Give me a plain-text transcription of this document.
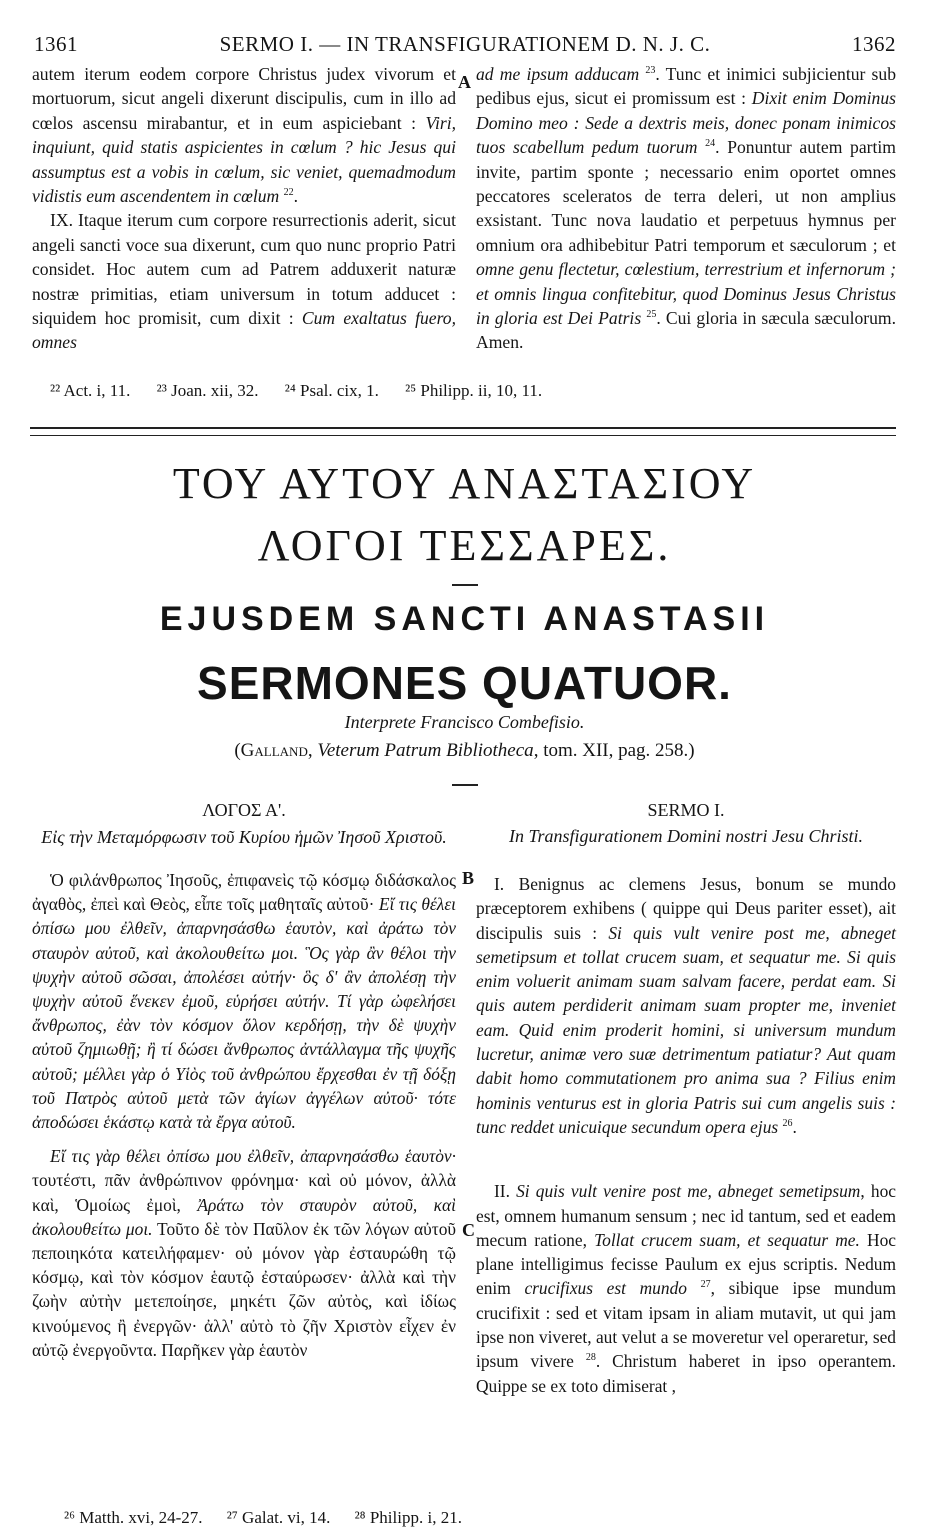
1361	SERMO I. — IN TRANSFIGURATIONEM D. N. J. C.	1362

autem iterum eodem corpore Christus judex vivorum et mortuorum, sicut angeli dixerunt discipulis, cum in illo ad cœlos ascensu mirabantur, et in eum aspiciebant : Viri, inquiunt, quid statis aspicientes in cœlum ? hic Jesus qui assumptus est a vobis in cœlum, sic veniet, quemadmodum vidistis eum ascendentem in cœlum $^{22}$.

IX. Itaque iterum cum corpore resurrectionis aderit, sicut angeli sancti voce sua dixerunt, cum quo nunc proprio Patri considet. Hoc autem cum ad Patrem adduxerit naturæ nostræ primitias, etiam universum in totum adducet : siquidem hoc promisit, cum dixit : Cum exaltatus fuero, omnes

A ad me ipsum adducam $^{23}$. Tunc et inimici subjicientur sub pedibus ejus, sicut ei promissum est : Dixit enim Dominus Domino meo : Sede a dextris meis, donec ponam inimicos tuos scabellum pedum tuorum $^{24}$. Ponuntur autem partim invite, partim sponte ; necessario enim oportet omnes peccatores sceleratos de terra deleri, ut non amplius exsistant. Tunc nova laudatio et perpetuus hymnus per omnium ora adhibebitur Patri temporum et sæculorum ; et omne genu flectetur, cœlestium, terrestrium et infernorum ; et omnis lingua confitebitur, quod Dominus Jesus Christus in gloria est Dei Patris $^{25}$. Cui gloria in sæcula sæculorum. Amen.

²² Act. i, 11. ²³ Joan. xii, 32. ²⁴ Psal. cix, 1. ²⁵ Philipp. ii, 10, 11.
ΤΟΥ ΑΥΤΟΥ ΑΝΑΣΤΑΣΙΟΥ
ΛΟΓΟΙ ΤΕΣΣΑΡΕΣ.
EJUSDEM SANCTI ANASTASII
SERMONES QUATUOR.
Interprete Francisco Combefisio.
(Galland, Veterum Patrum Bibliotheca, tom. XII, pag. 258.)
ΛΟΓΟΣ Α'.	SERMO I.
Εἰς τὴν Μεταμόρφωσιν τοῦ Κυρίου ἡμῶν Ἰησοῦ Χριστοῦ.	In Transfigurationem Domini nostri Jesu Christi.

Ὁ φιλάνθρωπος Ἰησοῦς, ἐπιφανεὶς τῷ κόσμῳ διδάσκαλος ἀγαθὸς, ἐπεὶ καὶ Θεὸς, εἶπε τοῖς μαθηταῖς αὐτοῦ· Εἴ τις θέλει ὀπίσω μου ἐλθεῖν, ἀπαρνησάσθω ἑαυτὸν, καὶ ἀράτω τὸν σταυρὸν αὐτοῦ, καὶ ἀκολουθείτω μοι. Ὃς γὰρ ἂν θέλοι τὴν ψυχὴν αὐτοῦ σῶσαι, ἀπολέσει αὐτήν· ὃς δ' ἂν ἀπολέσῃ τὴν ψυχὴν αὐτοῦ ἕνεκεν ἐμοῦ, εὑρήσει αὐτήν. Τί γὰρ ὠφελήσει ἄνθρωπος, ἐὰν τὸν κόσμον ὅλον κερδήσῃ, τὴν δὲ ψυχὴν αὐτοῦ ζημιωθῇ; ἢ τί δώσει ἄνθρωπος ἀντάλλαγμα τῆς ψυχῆς αὐτοῦ; μέλλει γὰρ ὁ Υἱὸς τοῦ ἀνθρώπου ἔρχεσθαι ἐν τῇ δόξῃ τοῦ Πατρὸς αὐτοῦ μετὰ τῶν ἁγίων ἀγγέλων αὐτοῦ· τότε ἀποδώσει ἑκάστῳ κατὰ τὰ ἔργα αὐτοῦ.

Εἴ τις γὰρ θέλει ὀπίσω μου ἐλθεῖν, ἀπαρνησάσθω ἑαυτὸν· τουτέστι, πᾶν ἀνθρώπινον φρόνημα· καὶ οὐ μόνον, ἀλλὰ καὶ, Ὁμοίως ἐμοὶ, Ἀράτω τὸν σταυρὸν αὐτοῦ, καὶ ἀκολουθείτω μοι. Τοῦτο δὲ τὸν Παῦλον ἐκ τῶν λόγων αὐτοῦ πεποιηκότα κατειλήφαμεν· οὐ μόνον γὰρ ἐσταυρώθη τῷ κόσμῳ, καὶ τὸν κόσμον ἑαυτῷ ἐσταύρωσεν· ἀλλὰ καὶ τὴν ζωὴν αὐτὴν μετεποίησε, μηκέτι ζῶν αὐτὸς, καὶ ἰδίως κινούμενος ἢ ἐνεργῶν· ἀλλ' αὐτὸ τὸ ζῆν Χριστὸν εἶχεν ἐν αὐτῷ ἐνεργοῦντα. Παρῆκεν γὰρ ἑαυτὸν

B
C

I. Benignus ac clemens Jesus, bonum se mundo præceptorem exhibens ( quippe qui Deus pariter esset), ait discipulis suis : Si quis vult venire post me, abneget semetipsum et tollat crucem suam, et sequatur me. Si quis enim voluerit animam suam salvam facere, perdat eam. Si quis autem perdiderit animam suam propter me, inveniet eam. Quid enim proderit homini, si universum mundum lucretur, animæ vero suæ detrimentum patiatur? Aut quam dabit homo commutationem pro anima sua ? Filius enim hominis venturus est in gloria Patris sui cum angelis suis : tunc reddet unicuique secundum opera ejus $^{26}$.

II. Si quis vult venire post me, abneget semetipsum, hoc est, omnem humanum sensum ; nec id tantum, sed et eadem mecum ratione, Tollat crucem suam, et sequatur me. Hoc plane intelligimus fecisse Paulum ex ejus scriptis. Nedum enim crucifixus est mundo $^{27}$, sibique ipse mundum crucifixit : sed et vitam ipsam in aliam mutavit, ut qui jam ipse non viveret, aut velut a se moveretur vel operaretur, sed ipsum vivere $^{28}$. Christum haberet in ipso operantem. Quippe se ex toto dimiserat ,

²⁶ Matth. xvi, 24-27. ²⁷ Galat. vi, 14. ²⁸ Philipp. i, 21.
